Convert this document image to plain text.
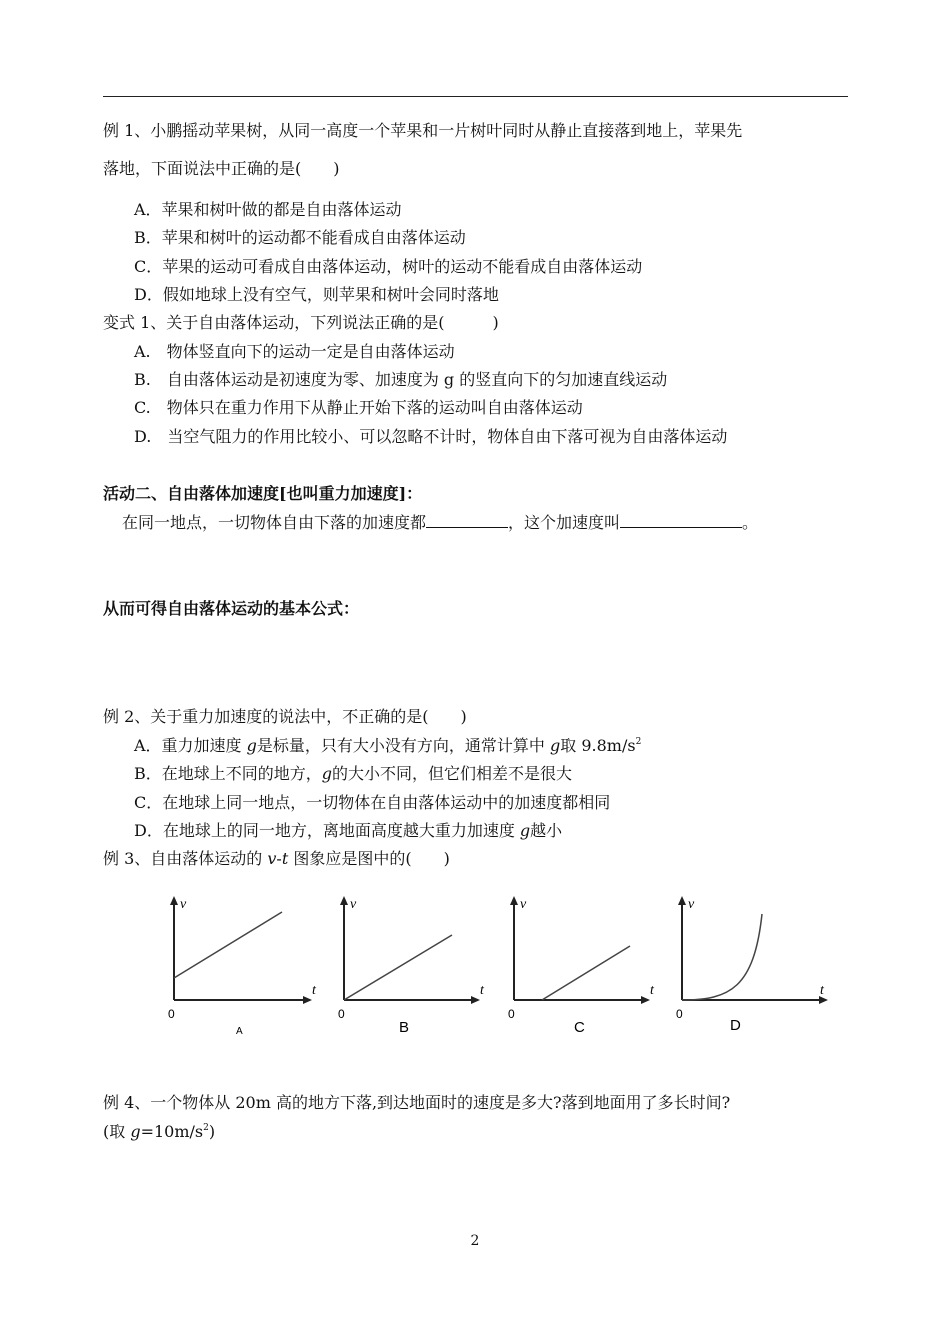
例 1、小鹏摇动苹果树，从同一高度一个苹果和一片树叶同时从静止直接落到地上，苹果先
落地，下面说法中正确的是(　　)
A．苹果和树叶做的都是自由落体运动
B．苹果和树叶的运动都不能看成自由落体运动
C．苹果的运动可看成自由落体运动，树叶的运动不能看成自由落体运动
D．假如地球上没有空气，则苹果和树叶会同时落地
变式 1、关于自由落体运动，下列说法正确的是(　　　)
A.　物体竖直向下的运动一定是自由落体运动
B.　自由落体运动是初速度为零、加速度为 g 的竖直向下的匀加速直线运动
C.　物体只在重力作用下从静止开始下落的运动叫自由落体运动
D.　当空气阻力的作用比较小、可以忽略不计时，物体自由下落可视为自由落体运动
活动二、自由落体加速度[也叫重力加速度]：
在同一地点，一切物体自由下落的加速度都	，这个加速度叫	。
从而可得自由落体运动的基本公式：
例 2、关于重力加速度的说法中，不正确的是(　　)
A．重力加速度 g是标量，只有大小没有方向，通常计算中 g取 $9.8m/s^2$
B．在地球上不同的地方，g的大小不同，但它们相差不是很大
C．在地球上同一地点，一切物体在自由落体运动中的加速度都相同
D．在地球上的同一地方，离地面高度越大重力加速度 g越小
例 3、自由落体运动的 v-t 图象应是图中的(　　)
v
t
0
A
v
t
0
B
v
t
0
C
v
t
0
D
例 4、一个物体从 20m 高的地方下落,到达地面时的速度是多大?落到地面用了多长时间?
(取 $g=10m/s^2$)
2
